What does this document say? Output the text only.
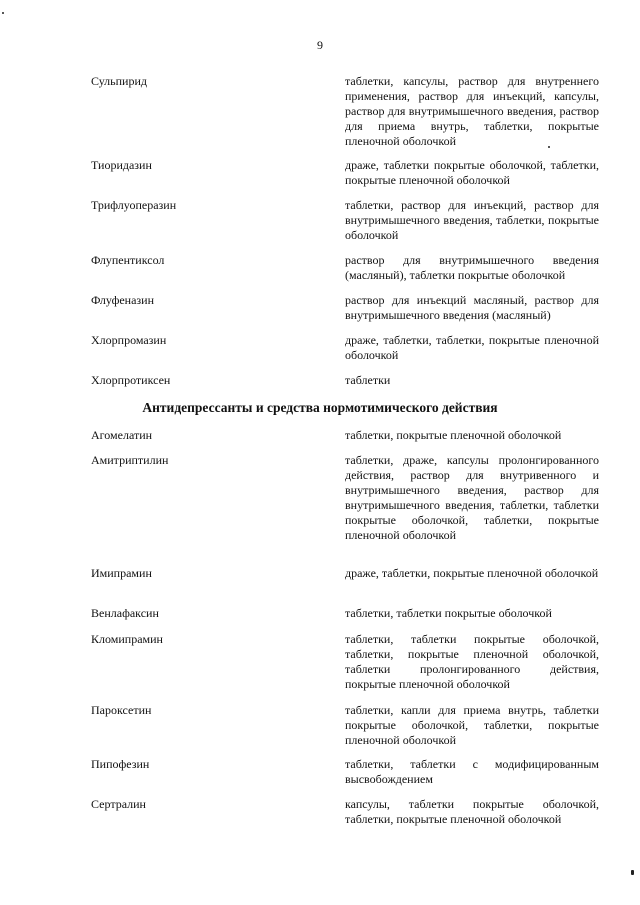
9
Сульпирид	таблетки, капсулы, раствор для внутреннего применения, раствор для инъекций, капсулы, раствор для внутримышечного введения, раствор для приема внутрь, таблетки, покрытые пленочной оболочкой
Тиоридазин	драже, таблетки покрытые оболочкой, таблетки, покрытые пленочной оболочкой
Трифлуоперазин	таблетки, раствор для инъекций, раствор для внутримышечного введения, таблетки, покрытые оболочкой
Флупентиксол	раствор для внутримышечного введения (масляный), таблетки покрытые оболочкой
Флуфеназин	раствор для инъекций масляный, раствор для внутримышечного введения (масляный)
Хлорпромазин	драже, таблетки, таблетки, покрытые пленочной оболочкой
Хлорпротиксен	таблетки
Антидепрессанты и средства нормотимического действия
Агомелатин	таблетки, покрытые пленочной оболочкой
Амитриптилин	таблетки, драже, капсулы пролонгированного действия, раствор для внутривенного и внутримышечного введения, раствор для внутримышечного введения, таблетки, таблетки покрытые оболочкой, таблетки, покрытые пленочной оболочкой
Имипрамин	драже, таблетки, покрытые пленочной оболочкой
Венлафаксин	таблетки, таблетки покрытые оболочкой
Кломипрамин	таблетки, таблетки покрытые оболочкой, таблетки, покрытые пленочной оболочкой, таблетки пролонгированного действия, покрытые пленочной оболочкой
Пароксетин	таблетки, капли для приема внутрь, таблетки покрытые оболочкой, таблетки, покрытые пленочной оболочкой
Пипофезин	таблетки, таблетки с модифицированным высвобождением
Сертралин	капсулы, таблетки покрытые оболочкой, таблетки, покрытые пленочной оболочкой
